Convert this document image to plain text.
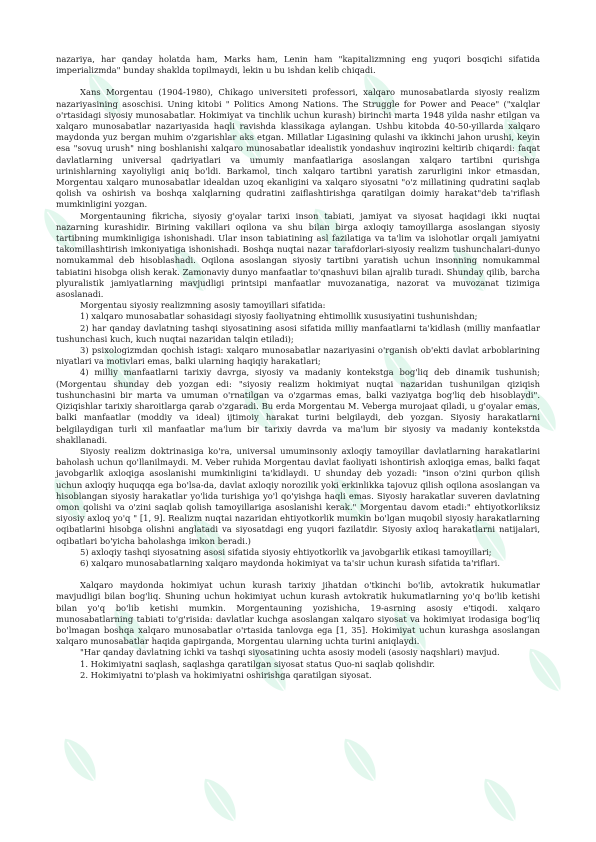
nazariya, har qanday holatda ham, Marks ham, Lenin ham "kapitalizmning eng yuqori bosqichi sifatida imperializmda" bunday shaklda topilmaydi, lekin u bu ishdan kelib chiqadi.

Xans Morgentau (1904-1980), Chikago universiteti professori, xalqaro munosabatlarda siyosiy realizm nazariyasining asoschisi. Uning kitobi " Politics Among Nations. The Struggle for Power and Peace" ("xalqlar o'rtasidagi siyosiy munosabatlar. Hokimiyat va tinchlik uchun kurash) birinchi marta 1948 yilda nashr etilgan va xalqaro munosabatlar nazariyasida haqli ravishda klassikaga aylangan. Ushbu kitobda 40-50-yillarda xalqaro maydonda yuz bergan muhim o'zgarishlar aks etgan. Millatlar Ligasining qulashi va ikkinchi jahon urushi, keyin esa "sovuq urush" ning boshlanishi xalqaro munosabatlar idealistik yondashuv inqirozini keltirib chiqardi: faqat davlatlarning universal qadriyatlari va umumiy manfaatlariga asoslangan xalqaro tartibni qurishga urinishlarning xayoliyligi aniq bo'ldi. Barkamol, tinch xalqaro tartibni yaratish zarurligini inkor etmasdan, Morgentau xalqaro munosabatlar idealdan uzoq ekanligini va xalqaro siyosatni "o'z millatining qudratini saqlab qolish va oshirish va boshqa xalqlarning qudratini zaiflashtirishga qaratilgan doimiy harakat"deb ta'riflash mumkinligini yozgan.

Morgentauning fikricha, siyosiy g'oyalar tarixi inson tabiati, jamiyat va siyosat haqidagi ikki nuqtai nazarning kurashidir. Birining vakillari oqilona va shu bilan birga axloqiy tamoyillarga asoslangan siyosiy tartibning mumkinligiga ishonishadi. Ular inson tabiatining asl fazilatiga va ta'lim va islohotlar orqali jamiyatni takomillashtirish imkoniyatiga ishonishadi. Boshqa nuqtai nazar tarafdorlari-siyosiy realizm tushunchalari-dunyo nomukammal deb hisoblashadi. Oqilona asoslangan siyosiy tartibni yaratish uchun insonning nomukammal tabiatini hisobga olish kerak. Zamonaviy dunyo manfaatlar to'qnashuvi bilan ajralib turadi. Shunday qilib, barcha plyuralistik jamiyatlarning mavjudligi printsipi manfaatlar muvozanatiga, nazorat va muvozanat tizimiga asoslanadi.

Morgentau siyosiy realizmning asosiy tamoyillari sifatida:

1) xalqaro munosabatlar sohasidagi siyosiy faoliyatning ehtimollik xususiyatini tushunishdan;

2) har qanday davlatning tashqi siyosatining asosi sifatida milliy manfaatlarni ta'kidlash (milliy manfaatlar tushunchasi kuch, kuch nuqtai nazaridan talqin etiladi);

3) psixologizmdan qochish istagi: xalqaro munosabatlar nazariyasini o'rganish ob'ekti davlat arboblarining niyatlari va motivlari emas, balki ularning haqiqiy harakatlari;

4) milliy manfaatlarni tarixiy davrga, siyosiy va madaniy kontekstga bog'liq deb dinamik tushunish; (Morgentau shunday deb yozgan edi: "siyosiy realizm hokimiyat nuqtai nazaridan tushunilgan qiziqish tushunchasini bir marta va umuman o'rnatilgan va o'zgarmas emas, balki vaziyatga bog'liq deb hisoblaydi". Qiziqishlar tarixiy sharoitlarga qarab o'zgaradi. Bu erda Morgentau M. Veberga murojaat qiladi, u g'oyalar emas, balki manfaatlar (moddiy va ideal) ijtimoiy harakat turini belgilaydi, deb yozgan. Siyosiy harakatlarni belgilaydigan turli xil manfaatlar ma'lum bir tarixiy davrda va ma'lum bir siyosiy va madaniy kontekstda shakllanadi.

Siyosiy realizm doktrinasiga ko'ra, universal umuminsoniy axloqiy tamoyillar davlatlarning harakatlarini baholash uchun qo'llanilmaydi. M. Veber ruhida Morgentau davlat faoliyati ishontirish axloqiga emas, balki faqat javobgarlik axloqiga asoslanishi mumkinligini ta'kidlaydi. U shunday deb yozadi: "inson o'zini qurbon qilish uchun axloqiy huquqqa ega bo'lsa-da, davlat axloqiy norozilik yoki erkinlikka tajovuz qilish oqilona asoslangan va hisoblangan siyosiy harakatlar yo'lida turishiga yo'l qo'yishga haqli emas. Siyosiy harakatlar suveren davlatning omon qolishi va o'zini saqlab qolish tamoyillariga asoslanishi kerak." Morgentau davom etadi:" ehtiyotkorliksiz siyosiy axloq yo'q " [1, 9]. Realizm nuqtai nazaridan ehtiyotkorlik mumkin bo'lgan muqobil siyosiy harakatlarning oqibatlarini hisobga olishni anglatadi va siyosatdagi eng yuqori fazilatdir. Siyosiy axloq harakatlarni natijalari, oqibatlari bo'yicha baholashga imkon beradi.)

5) axloqiy tashqi siyosatning asosi sifatida siyosiy ehtiyotkorlik va javobgarlik etikasi tamoyillari;

6) xalqaro munosabatlarning xalqaro maydonda hokimiyat va ta'sir uchun kurash sifatida ta'riflari.

Xalqaro maydonda hokimiyat uchun kurash tarixiy jihatdan o'tkinchi bo'lib, avtokratik hukumatlar mavjudligi bilan bog'liq. Shuning uchun hokimiyat uchun kurash avtokratik hukumatlarning yo'q bo'lib ketishi bilan yo'q bo'lib ketishi mumkin. Morgentauning yozishicha, 19-asrning asosiy e'tiqodi. xalqaro munosabatlarning tabiati to'g'risida: davlatlar kuchga asoslangan xalqaro siyosat va hokimiyat irodasiga bog'liq bo'lmagan boshqa xalqaro munosabatlar o'rtasida tanlovga ega [1, 35]. Hokimiyat uchun kurashga asoslangan xalqaro munosabatlar haqida gapirganda, Morgentau ularning uchta turini aniqlaydi.

"Har qanday davlatning ichki va tashqi siyosatining uchta asosiy modeli (asosiy naqshlari) mavjud.

1. Hokimiyatni saqlash, saqlashga qaratilgan siyosat status Quo-ni saqlab qolishdir.

2. Hokimiyatni to'plash va hokimiyatni oshirishga qaratilgan siyosat.
